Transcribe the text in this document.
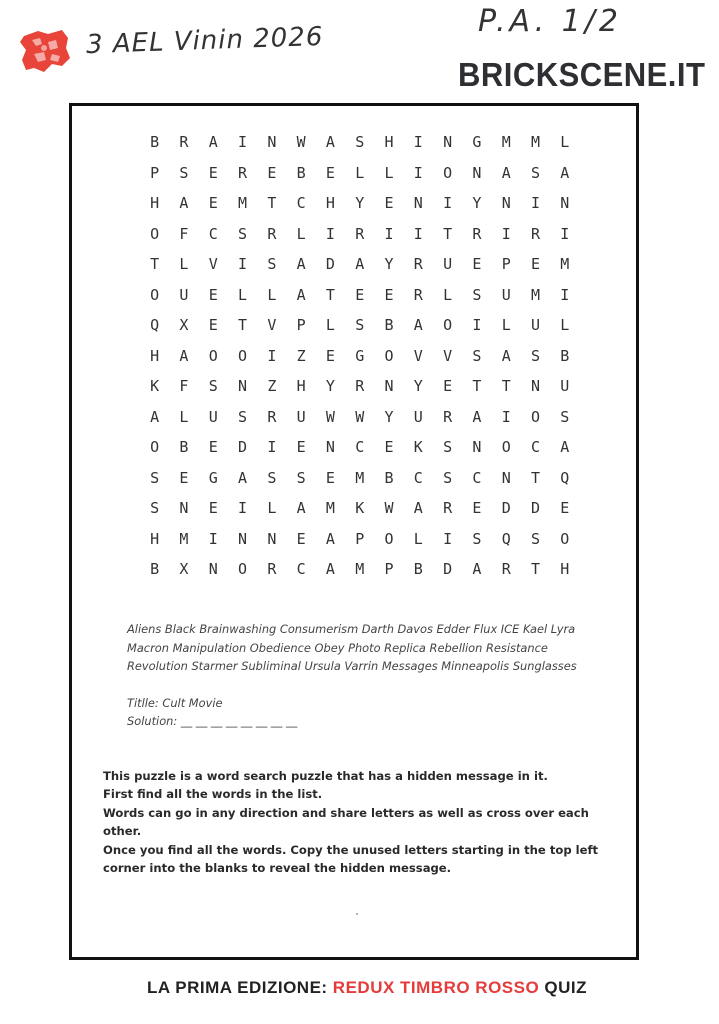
3 AEL Vinin 2026
P.A. 1/2
BRICKSCENE.IT
B	R	A	I	N	W	A	S	H	I	N	G	M	M	L
P	S	E	R	E	B	E	L	L	I	O	N	A	S	A
H	A	E	M	T	C	H	Y	E	N	I	Y	N	I	N
O	F	C	S	R	L	I	R	I	I	T	R	I	R	I
T	L	V	I	S	A	D	A	Y	R	U	E	P	E	M
O	U	E	L	L	A	T	E	E	R	L	S	U	M	I
Q	X	E	T	V	P	L	S	B	A	O	I	L	U	L
H	A	O	O	I	Z	E	G	O	V	V	S	A	S	B
K	F	S	N	Z	H	Y	R	N	Y	E	T	T	N	U
A	L	U	S	R	U	W	W	Y	U	R	A	I	O	S
O	B	E	D	I	E	N	C	E	K	S	N	O	C	A
S	E	G	A	S	S	E	M	B	C	S	C	N	T	Q
S	N	E	I	L	A	M	K	W	A	R	E	D	D	E
H	M	I	N	N	E	A	P	O	L	I	S	Q	S	O
B	X	N	O	R	C	A	M	P	B	D	A	R	T	H
Aliens Black Brainwashing Consumerism Darth Davos Edder Flux ICE Kael Lyra
Macron Manipulation Obedience Obey Photo Replica Rebellion Resistance
Revolution Starmer Subliminal Ursula Varrin Messages Minneapolis Sunglasses
Titlle: Cult Movie
Solution: __ __ __ __ __ __ __ __

This puzzle is a word search puzzle that has a hidden message in it.

First find all the words in the list.

Words can go in any direction and share letters as well as cross over each other.

Once you find all the words. Copy the unused letters starting in the top left corner into the blanks to reveal the hidden message.

LA PRIMA EDIZIONE: REDUX TIMBRO ROSSO QUIZ
